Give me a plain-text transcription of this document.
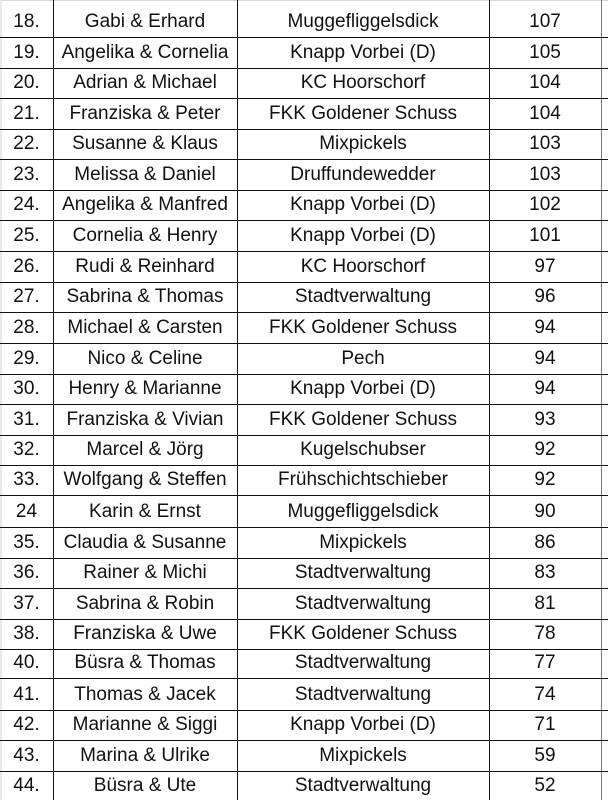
18.	Gabi & Erhard	Muggefliggelsdick	107
19.	Angelika & Cornelia	Knapp Vorbei (D)	105
20.	Adrian & Michael	KC Hoorschorf	104
21.	Franziska & Peter	FKK Goldener Schuss	104
22.	Susanne & Klaus	Mixpickels	103
23.	Melissa & Daniel	Druffundewedder	103
24.	Angelika & Manfred	Knapp Vorbei (D)	102
25.	Cornelia & Henry	Knapp Vorbei (D)	101
26.	Rudi & Reinhard	KC Hoorschorf	97
27.	Sabrina & Thomas	Stadtverwaltung	96
28.	Michael & Carsten	FKK Goldener Schuss	94
29.	Nico & Celine	Pech	94
30.	Henry & Marianne	Knapp Vorbei (D)	94
31.	Franziska & Vivian	FKK Goldener Schuss	93
32.	Marcel & Jörg	Kugelschubser	92
33.	Wolfgang & Steffen	Frühschichtschieber	92
24	Karin & Ernst	Muggefliggelsdick	90
35.	Claudia & Susanne	Mixpickels	86
36.	Rainer & Michi	Stadtverwaltung	83
37.	Sabrina & Robin	Stadtverwaltung	81
38.	Franziska & Uwe	FKK Goldener Schuss	78
40.	Büsra & Thomas	Stadtverwaltung	77
41.	Thomas & Jacek	Stadtverwaltung	74
42.	Marianne & Siggi	Knapp Vorbei (D)	71
43.	Marina & Ulrike	Mixpickels	59
44.	Büsra & Ute	Stadtverwaltung	52
